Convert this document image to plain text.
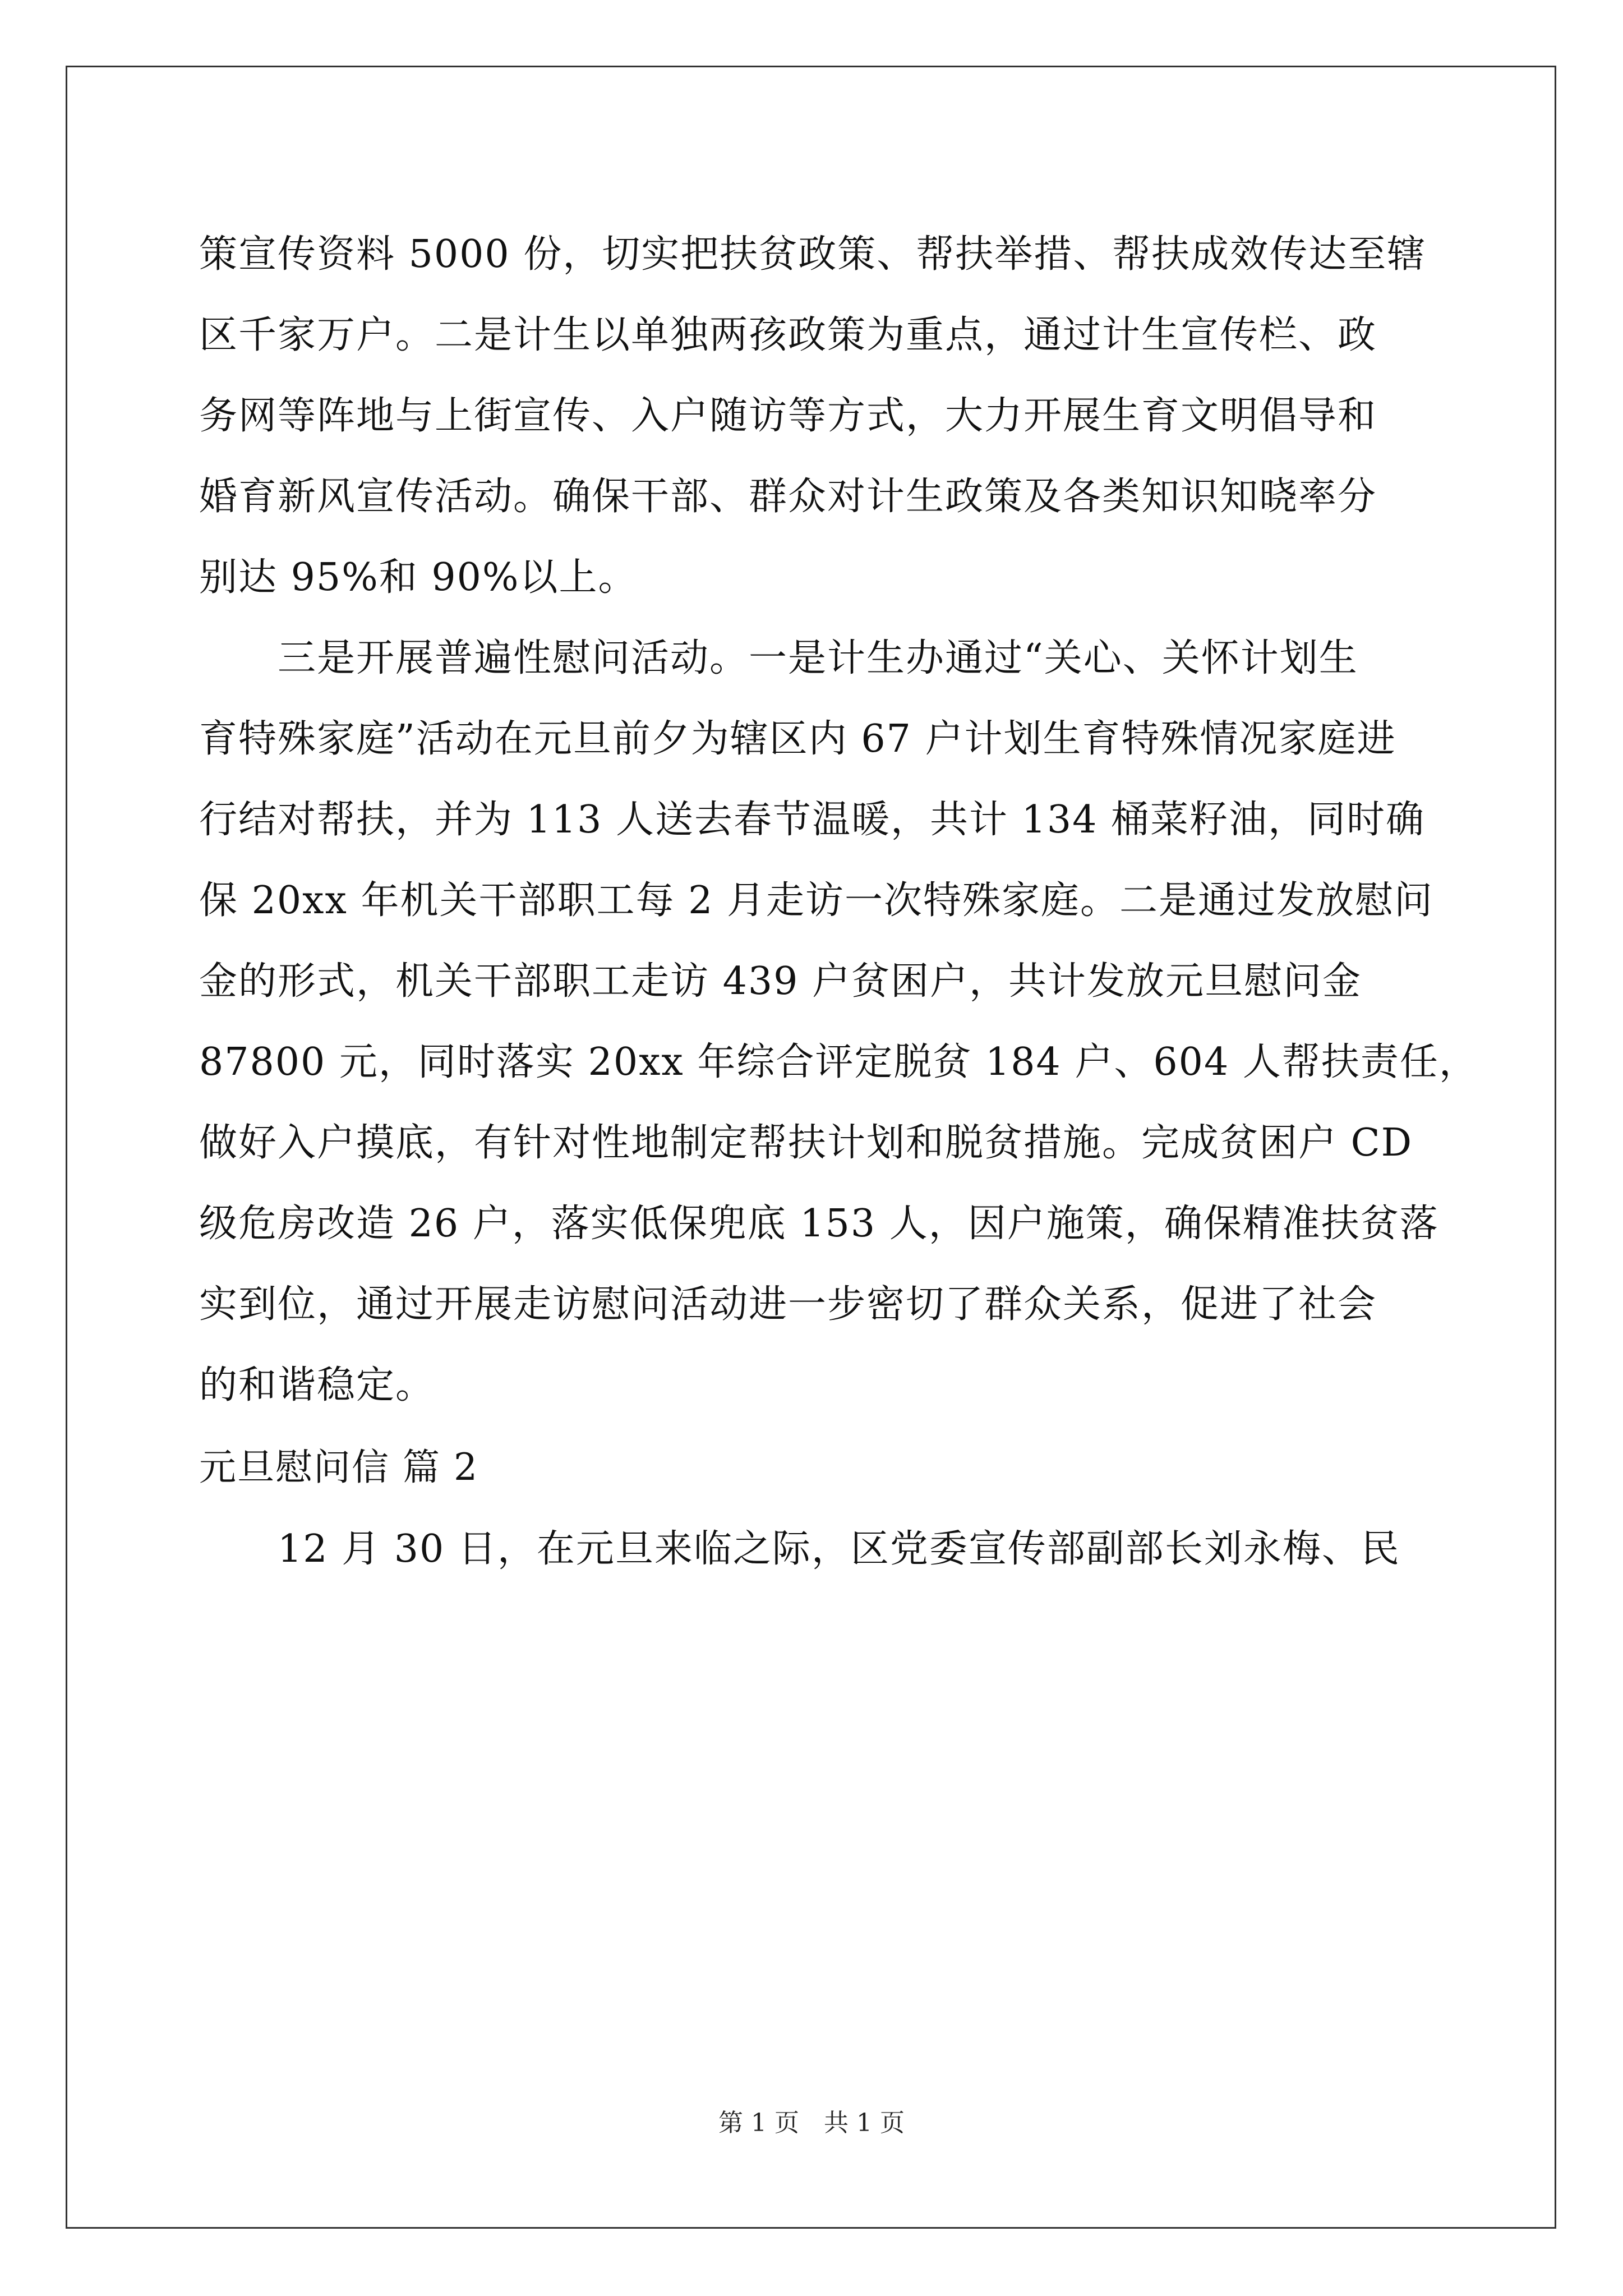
策宣传资料 5000 份，切实把扶贫政策、帮扶举措、帮扶成效传达至辖
区千家万户。二是计生以单独两孩政策为重点，通过计生宣传栏、政
务网等阵地与上街宣传、入户随访等方式，大力开展生育文明倡导和
婚育新风宣传活动。确保干部、群众对计生政策及各类知识知晓率分
别达 95%和 90%以上。
三是开展普遍性慰问活动。一是计生办通过“关心、关怀计划生
育特殊家庭”活动在元旦前夕为辖区内 67 户计划生育特殊情况家庭进
行结对帮扶，并为 113 人送去春节温暖，共计 134 桶菜籽油，同时确
保 20xx 年机关干部职工每 2 月走访一次特殊家庭。二是通过发放慰问
金的形式，机关干部职工走访 439 户贫困户，共计发放元旦慰问金
87800 元，同时落实 20xx 年综合评定脱贫 184 户、604 人帮扶责任，
做好入户摸底，有针对性地制定帮扶计划和脱贫措施。完成贫困户 CD
级危房改造 26 户，落实低保兜底 153 人，因户施策，确保精准扶贫落
实到位，通过开展走访慰问活动进一步密切了群众关系，促进了社会
的和谐稳定。
元旦慰问信 篇 2
12 月 30 日，在元旦来临之际，区党委宣传部副部长刘永梅、民
第 1 页　共 1 页
